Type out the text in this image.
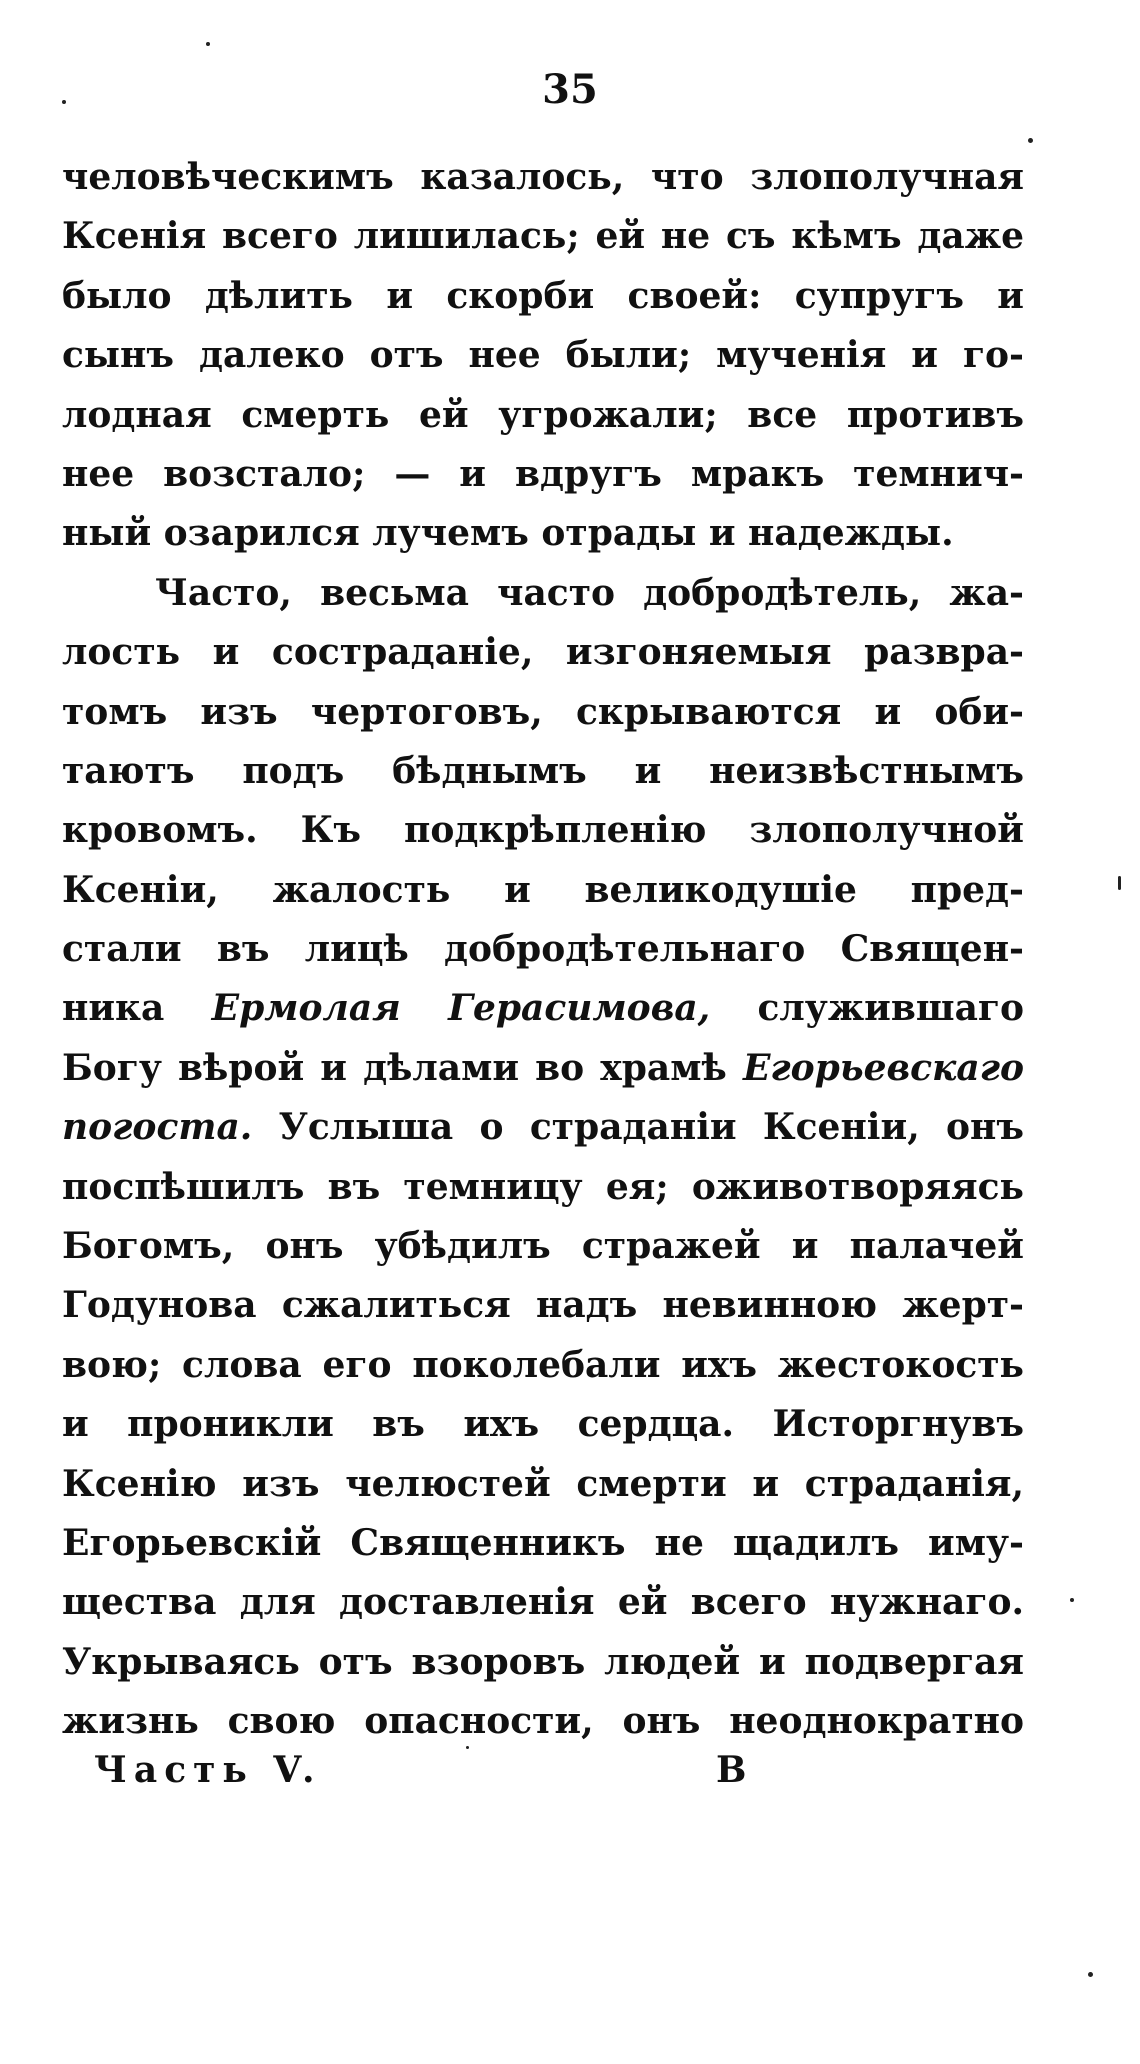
35
человѣческимъ казалось, что злополучная
Ксенія всего лишилась; ей не съ кѣмъ даже
было дѣлить и скорби своей: супругъ и
сынъ далеко отъ нее были; мученія и го-
лодная смерть ей угрожали; все противъ
нее возстало; — и вдругъ мракъ темнич-
ный озарился лучемъ отрады и надежды.
Часто, весьма часто добродѣтель, жа-
лость и состраданіе, изгоняемыя развра-
томъ изъ чертоговъ, скрываются и оби-
таютъ подъ бѣднымъ и неизвѣстнымъ
кровомъ. Къ подкрѣпленію злополучной
Ксеніи, жалость и великодушіе пред-
стали въ лицѣ добродѣтельнаго Священ-
ника Ермолая Герасимова, служившаго
Богу вѣрой и дѣлами во храмѣ Егорьевскаго
погоста. Услыша о страданіи Ксеніи, онъ
поспѣшилъ въ темницу ея; оживотворяясь
Богомъ, онъ убѣдилъ стражей и палачей
Годунова сжалиться надъ невинною жерт-
вою; слова его поколебали ихъ жестокость
и проникли въ ихъ сердца. Исторгнувъ
Ксенію изъ челюстей смерти и страданія,
Егорьевскій Священникъ не щадилъ иму-
щества для доставленія ей всего нужнаго.
Укрываясь отъ взоровъ людей и подвергая
жизнь свою опасности, онъ неоднократно
Часть V.	В
